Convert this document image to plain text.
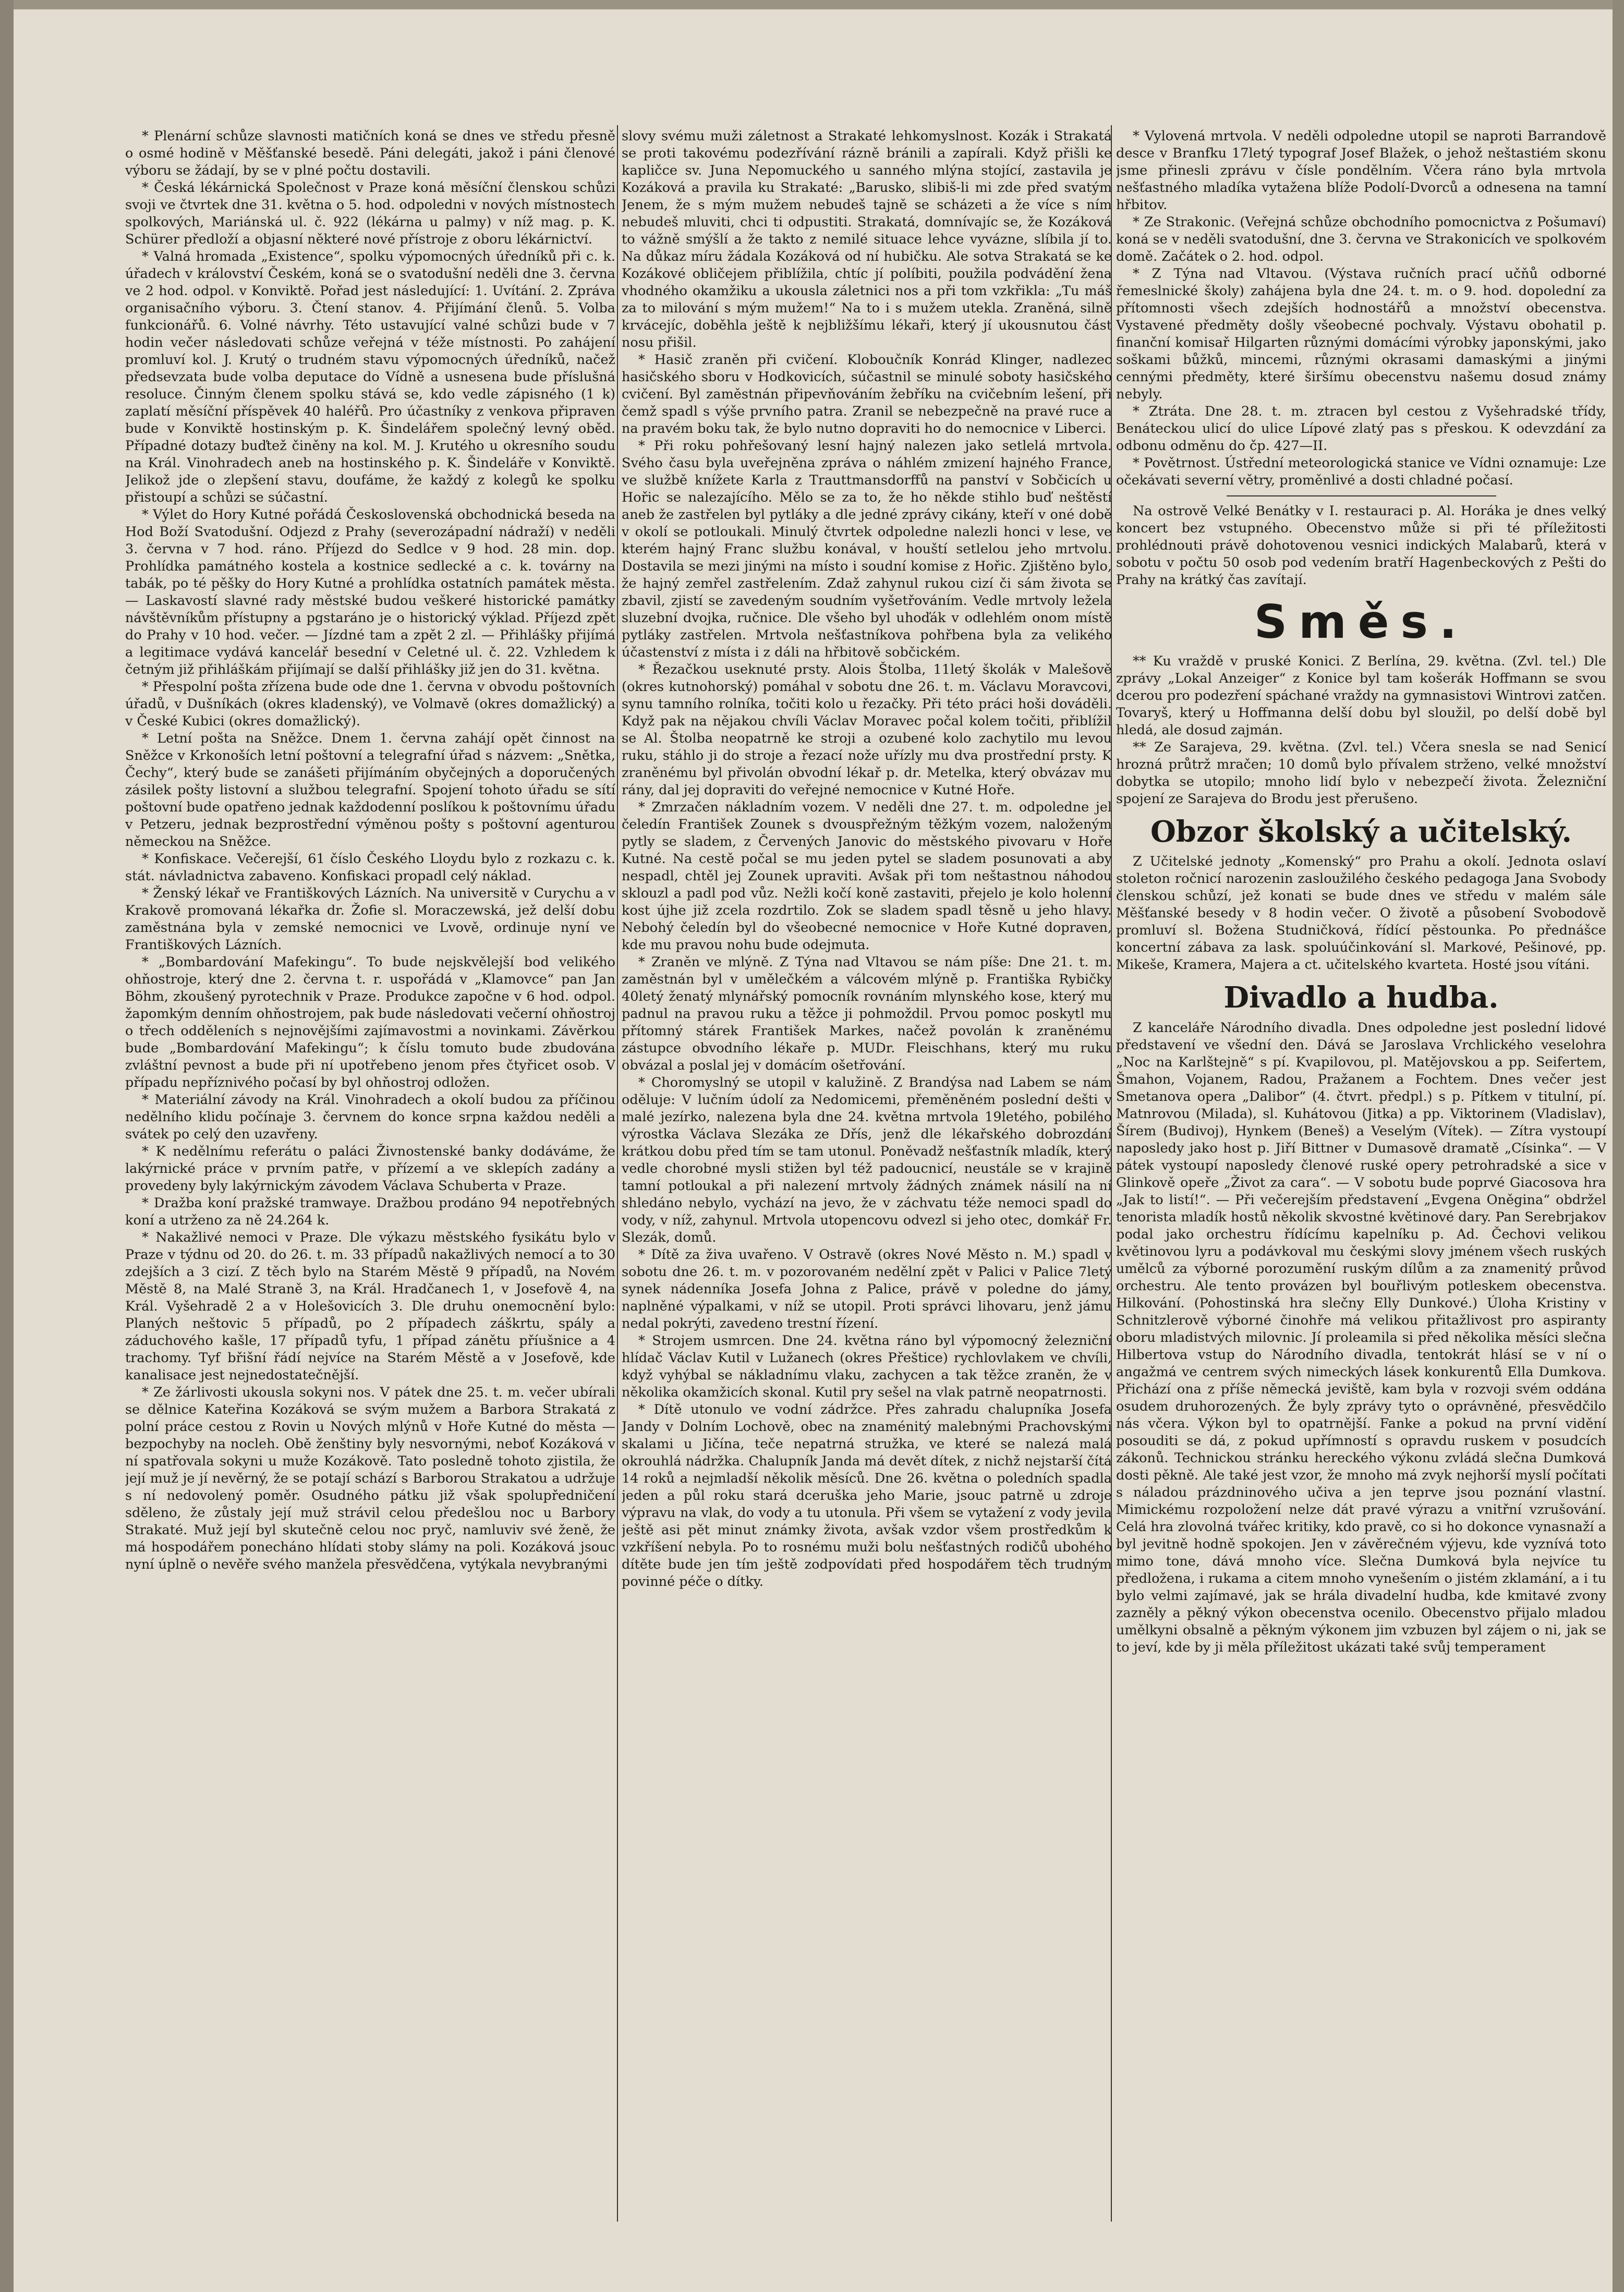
* Plenární schůze slavnosti matičních koná se dnes ve středu přesně o osmé hodině v Měšťanské besedě. Páni delegáti, jakož i páni členové výboru se žádají, by se v plné počtu dostavili.

* Česká lékárnická Společnost v Praze koná měsíční členskou schůzi svoji ve čtvrtek dne 31. května o 5. hod. odpoledni v nových místnostech spolkových, Mariánská ul. č. 922 (lékárna u palmy) v níž mag. p. K. Schürer předloží a objasní některé nové přístroje z oboru lékárnictví.

* Valná hromada „Existence“, spolku výpomocných úředníků při c. k. úřadech v království Českém, koná se o svatodušní neděli dne 3. června ve 2 hod. odpol. v Konviktě. Pořad jest následující: 1. Uvítání. 2. Zpráva organisačního výboru. 3. Čtení stanov. 4. Přijímání členů. 5. Volba funkcionářů. 6. Volné návrhy. Této ustavující valné schůzi bude v 7 hodin večer následovati schůze veřejná v téže místnosti. Po zahájení promluví kol. J. Krutý o trudném stavu výpomocných úředníků, načež předsevzata bude volba deputace do Vídně a usnesena bude příslušná resoluce. Činným členem spolku stává se, kdo vedle zápisného (1 k) zaplatí měsíční příspěvek 40 haléřů. Pro účastníky z venkova připraven bude v Konviktě hostinským p. K. Šindelářem společný levný oběd. Případné dotazy buďtež činěny na kol. M. J. Krutého u okresního soudu na Král. Vinohradech aneb na hostinského p. K. Šindeláře v Konviktě. Jelikož jde o zlepšení stavu, doufáme, že každý z kolegů ke spolku přistoupí a schůzi se súčastní.

* Výlet do Hory Kutné pořádá Československá obchodnická beseda na Hod Boží Svatodušní. Odjezd z Prahy (severozápadní nádraží) v neděli 3. června v 7 hod. ráno. Příjezd do Sedlce v 9 hod. 28 min. dop. Prohlídka památného kostela a kostnice sedlecké a c. k. továrny na tabák, po té pěšky do Hory Kutné a prohlídka ostatních památek města. — Laskavostí slavné rady městské budou veškeré historické památky návštěvníkům přístupny a pgstaráno je o historický výklad. Příjezd zpět do Prahy v 10 hod. večer. — Jízdné tam a zpět 2 zl. — Přihlášky přijímá a legitimace vydává kancelář besední v Celetné ul. č. 22. Vzhledem k četným již přihláškám přijímají se další přihlášky již jen do 31. května.

* Přespolní pošta zřízena bude ode dne 1. června v obvodu poštovních úřadů, v Dušníkách (okres kladenský), ve Volmavě (okres domažlický) a v České Kubici (okres domažlický).

* Letní pošta na Sněžce. Dnem 1. června zahájí opět činnost na Sněžce v Krkonoších letní poštovní a telegrafní úřad s názvem: „Snětka, Čechy“, který bude se zanášeti přijímáním obyčejných a doporučených zásilek pošty listovní a službou telegrafní. Spojení tohoto úřadu se sítí poštovní bude opatřeno jednak každodenní poslíkou k poštovnímu úřadu v Petzeru, jednak bezprostřední výměnou pošty s poštovní agenturou německou na Sněžce.

* Konfiskace. Večerejší, 61 číslo Českého Lloydu bylo z rozkazu c. k. stát. návladnictva zabaveno. Konfiskaci propadl celý náklad.

* Ženský lékař ve Františkových Lázních. Na universitě v Curychu a v Krakově promovaná lékařka dr. Žofie sl. Moraczewská, jež delší dobu zaměstnána byla v zemské nemocnici ve Lvově, ordinuje nyní ve Františkových Lázních.

* „Bombardování Mafekingu“. To bude nejskvělejší bod velikého ohňostroje, který dne 2. června t. r. uspořádá v „Klamovce“ pan Jan Böhm, zkoušený pyrotechnik v Praze. Produkce započne v 6 hod. odpol. žapomkým denním ohňostrojem, pak bude následovati večerní ohňostroj o třech odděleních s nejnovějšími zajímavostmi a novinkami. Závěrkou bude „Bombardování Mafekingu“; k číslu tomuto bude zbudována zvláštní pevnost a bude při ní upotřebeno jenom přes čtyřicet osob. V případu nepříznivého počasí by byl ohňostroj odložen.

* Materiální závody na Král. Vinohradech a okolí budou za příčinou nedělního klidu počínaje 3. červnem do konce srpna každou neděli a svátek po celý den uzavřeny.

* K nedělnímu referátu o paláci Živnostenské banky dodáváme, že lakýrnické práce v prvním patře, v přízemí a ve sklepích zadány a provedeny byly lakýrnickým závodem Václava Schuberta v Praze.

* Dražba koní pražské tramwaye. Dražbou prodáno 94 nepotřebných koní a utrženo za ně 24.264 k.

* Nakažlivé nemoci v Praze. Dle výkazu městského fysikátu bylo v Praze v týdnu od 20. do 26. t. m. 33 případů nakažlivých nemocí a to 30 zdejších a 3 cizí. Z těch bylo na Starém Městě 9 případů, na Novém Městě 8, na Malé Straně 3, na Král. Hradčanech 1, v Josefově 4, na Král. Vyšehradě 2 a v Holešovicích 3. Dle druhu onemocnění bylo: Planých neštovic 5 případů, po 2 případech záškrtu, spály a záduchového kašle, 17 případů tyfu, 1 případ zánětu příušnice a 4 trachomy. Tyf břišní řádí nejvíce na Starém Městě a v Josefově, kde kanalisace jest nejnedostatečnější.

* Ze žárlivosti ukousla sokyni nos. V pátek dne 25. t. m. večer ubírali se dělnice Kateřina Kozáková se svým mužem a Barbora Strakatá z polní práce cestou z Rovin u Nových mlýnů v Hoře Kutné do města — bezpochyby na nocleh. Obě ženštiny byly nesvornými, neboť Kozáková v ní spatřovala sokyni u muže Kozákově. Tato posledně tohoto zjistila, že její muž je jí nevěrný, že se potají schází s Barborou Strakatou a udržuje s ní nedovolený poměr. Osudného pátku již však spolupředničení sděleno, že zůstaly její muž strávil celou předešlou noc u Barbory Strakaté. Muž její byl skutečně celou noc pryč, namluviv své ženě, že má hospodářem ponecháno hlídati stoby slámy na poli. Kozáková jsouc nyní úplně o nevěře svého manžela přesvědčena, vytýkala nevybranými

slovy svému muži záletnost a Strakaté lehkomyslnost. Kozák i Strakatá se proti takovému podezřívání rázně bránili a zapírali. Když přišli ke kapličce sv. Juna Nepomuckého u sanného mlýna stojící, zastavila je Kozáková a pravila ku Strakaté: „Barusko, slibiš-li mi zde před svatým Jenem, že s mým mužem nebudeš tajně se scházeti a že více s ním nebudeš mluviti, chci ti odpustiti. Strakatá, domnívajíc se, že Kozáková to vážně smýšlí a že takto z nemilé situace lehce vyvázne, slíbila jí to. Na důkaz míru žádala Kozáková od ní hubičku. Ale sotva Strakatá se ke Kozákové obličejem přiblížila, chtíc jí políbiti, použila podvádění žena vhodného okamžiku a ukousla záletnici nos a při tom vzkřikla: „Tu máš za to milování s mým mužem!“ Na to i s mužem utekla. Zraněná, silně krvácejíc, doběhla ještě k nejbližšímu lékaři, který jí ukousnutou část nosu přišil.

* Hasič zraněn při cvičení. Kloboučník Konrád Klinger, nadlezec hasičského sboru v Hodkovicích, súčastnil se minulé soboty hasičského cvičení. Byl zaměstnán připevňováním žebříku na cvičebním lešení, při čemž spadl s výše prvního patra. Zranil se nebezpečně na pravé ruce a na pravém boku tak, že bylo nutno dopraviti ho do nemocnice v Liberci.

* Při roku pohřešovaný lesní hajný nalezen jako setlelá mrtvola. Svého času byla uveřejněna zpráva o náhlém zmizení hajného France, ve službě knížete Karla z Trauttmansdorffů na panství v Sobčicích u Hořic se nalezajícího. Mělo se za to, že ho někde stihlo buď neštěstí aneb že zastřelen byl pytláky a dle jedné zprávy cikány, kteří v oné době v okolí se potloukali. Minulý čtvrtek odpoledne nalezli honci v lese, ve kterém hajný Franc službu konával, v houští setlelou jeho mrtvolu. Dostavila se mezi jinými na místo i soudní komise z Hořic. Zjištěno bylo, že hajný zemřel zastřelením. Zdaž zahynul rukou cizí či sám života se zbavil, zjistí se zavedeným soudním vyšetřováním. Vedle mrtvoly ležela sluzební dvojka, ručnice. Dle všeho byl uhoďák v odlehlém onom místě pytláky zastřelen. Mrtvola nešťastníkova pohřbena byla za velikého účastenství z místa i z dáli na hřbitově sobčickém.

* Řezačkou useknuté prsty. Alois Štolba, 11letý školák v Malešově (okres kutnohorský) pomáhal v sobotu dne 26. t. m. Václavu Moravcovi, synu tamního rolníka, točiti kolo u řezačky. Při této práci hoši dováděli. Když pak na nějakou chvíli Václav Moravec počal kolem točiti, přiblížil se Al. Štolba neopatrně ke stroji a ozubené kolo zachytilo mu levou ruku, stáhlo ji do stroje a řezací nože uřízly mu dva prostřední prsty. K zraněnému byl přivolán obvodní lékař p. dr. Metelka, který obvázav mu rány, dal jej dopraviti do veřejné nemocnice v Kutné Hoře.

* Zmrzačen nákladním vozem. V neděli dne 27. t. m. odpoledne jel čeledín František Zounek s dvouspřežným těžkým vozem, naloženým pytly se sladem, z Červených Janovic do městského pivovaru v Hoře Kutné. Na cestě počal se mu jeden pytel se sladem posunovati a aby nespadl, chtěl jej Zounek upraviti. Avšak při tom neštastnou náhodou sklouzl a padl pod vůz. Nežli kočí koně zastaviti, přejelo je kolo holenní kost újhe již zcela rozdrtilo. Zok se sladem spadl těsně u jeho hlavy. Nebohý čeledín byl do všeobecné nemocnice v Hoře Kutné dopraven, kde mu pravou nohu bude odejmuta.

* Zraněn ve mlýně. Z Týna nad Vltavou se nám píše: Dne 21. t. m. zaměstnán byl v umělečkém a válcovém mlýně p. Františka Rybičky 40letý ženatý mlynářský pomocník rovnáním mlynského kose, který mu padnul na pravou ruku a těžce ji pohmoždil. Prvou pomoc poskytl mu přítomný stárek František Markes, načež povolán k zraněnému zástupce obvodního lékaře p. MUDr. Fleischhans, který mu ruku obvázal a poslal jej v domácím ošetřování.

* Choromyslný se utopil v kalužině. Z Brandýsa nad Labem se nám oděluje: V lučním údolí za Nedomicemi, přeměněném poslední dešti v malé jezírko, nalezena byla dne 24. května mrtvola 19letého, pobilého výrostka Václava Slezáka ze Dřís, jenž dle lékařského dobrozdání krátkou dobu před tím se tam utonul. Poněvadž nešťastník mladík, který vedle chorobné mysli stižen byl též padoucnicí, neustále se v krajině tamní potloukal a při nalezení mrtvoly žádných známek násilí na ní shledáno nebylo, vychází na jevo, že v záchvatu téže nemoci spadl do vody, v níž, zahynul. Mrtvola utopencovu odvezl si jeho otec, domkář Fr. Slezák, domů.

* Dítě za živa uvařeno. V Ostravě (okres Nové Město n. M.) spadl v sobotu dne 26. t. m. v pozorovaném nedělní zpět v Palici v Palice 7letý synek nádenníka Josefa Johna z Palice, právě v poledne do jámy, naplněné výpalkami, v níž se utopil. Proti správci lihovaru, jenž jámu nedal pokrýti, zavedeno trestní řízení.

* Strojem usmrcen. Dne 24. května ráno byl výpomocný železniční hlídač Václav Kutil v Lužanech (okres Přeštice) rychlovlakem ve chvíli, když vyhýbal se nákladnímu vlaku, zachycen a tak těžce zraněn, že v několika okamžicích skonal. Kutil pry sešel na vlak patrně neopatrnosti.

* Dítě utonulo ve vodní zádržce. Přes zahradu chalupníka Josefa Jandy v Dolním Lochově, obec na znaménitý malebnými Prachovskými skalami u Jičína, teče nepatrná stružka, ve které se nalezá malá okrouhlá nádržka. Chalupník Janda má devět dítek, z nichž nejstarší čítá 14 roků a nejmladší několik měsíců. Dne 26. května o poledních spadla jeden a půl roku stará dceruška jeho Marie, jsouc patrně u zdroje výpravu na vlak, do vody a tu utonula. Při všem se vytažení z vody jevila ještě asi pět minut známky života, avšak vzdor všem prostředkům k vzkříšení nebyla. Po to rosnému muži bolu nešťastných rodičů ubohého dítěte bude jen tím ještě zodpovídati před hospodářem těch trudným povinné péče o dítky.

* Vylovená mrtvola. V neděli odpoledne utopil se naproti Barrandově desce v Branfku 17letý typograf Josef Blažek, o jehož neštastiém skonu jsme přinesli zprávu v čísle pondělním. Včera ráno byla mrtvola nešťastného mladíka vytažena blíže Podolí-Dvorců a odnesena na tamní hřbitov.

* Ze Strakonic. (Veřejná schůze obchodního pomocnictva z Pošumaví) koná se v neděli svatodušní, dne 3. června ve Strakonicích ve spolkovém domě. Začátek o 2. hod. odpol.

* Z Týna nad Vltavou. (Výstava ručních prací učňů odborné řemeslnické školy) zahájena byla dne 24. t. m. o 9. hod. dopolední za přítomnosti všech zdejších hodnostářů a množství obecenstva. Vystavené předměty došly všeobecné pochvaly. Výstavu obohatil p. finanční komisař Hilgarten různými domácími výrobky japonskými, jako soškami bůžků, mincemi, různými okrasami damaskými a jinými cennými předměty, které širšímu obecenstvu našemu dosud známy nebyly.

* Ztráta. Dne 28. t. m. ztracen byl cestou z Vyšehradské třídy, Benáteckou ulicí do ulice Lípové zlatý pas s přeskou. K odevzdání za odbonu odměnu do čp. 427—II.

* Povětrnost. Ústřední meteorologická stanice ve Vídni oznamuje: Lze očekávati severní větry, proměnlivé a dosti chladné počasí.

Na ostrově Velké Benátky v I. restauraci p. Al. Horáka je dnes velký koncert bez vstupného. Obecenstvo může si při té příležitosti prohlédnouti právě dohotovenou vesnici indických Malabarů, která v sobotu v počtu 50 osob pod vedením bratří Hagenbeckových z Pešti do Prahy na krátký čas zavítají.

Směs.

** Ku vraždě v pruské Konici. Z Berlína, 29. května. (Zvl. tel.) Dle zprávy „Lokal Anzeiger“ z Konice byl tam košerák Hoffmann se svou dcerou pro podezření spáchané vraždy na gymnasistovi Wintrovi zatčen. Tovaryš, který u Hoffmanna delší dobu byl sloužil, po delší době byl hledá, ale dosud zajmán.

** Ze Sarajeva, 29. května. (Zvl. tel.) Včera snesla se nad Senicí hrozná průtrž mračen; 10 domů bylo přívalem strženo, velké množství dobytka se utopilo; mnoho lidí bylo v nebezpečí života. Železniční spojení ze Sarajeva do Brodu jest přerušeno.

Obzor školský a učitelský.

Z Učitelské jednoty „Komenský“ pro Prahu a okolí. Jednota oslaví stoleton ročnicí narozenin zasloužilého českého pedagoga Jana Svobody členskou schůzí, jež konati se bude dnes ve středu v malém sále Měšťanské besedy v 8 hodin večer. O životě a působení Svobodově promluví sl. Božena Studničková, řídící pěstounka. Po přednášce koncertní zábava za lask. spoluúčinkování sl. Markové, Pešinové, pp. Mikeše, Kramera, Majera a ct. učitelského kvarteta. Hosté jsou vítáni.

Divadlo a hudba.

Z kanceláře Národního divadla. Dnes odpoledne jest poslední lidové představení ve všední den. Dává se Jaroslava Vrchlického veselohra „Noc na Karlštejně“ s pí. Kvapilovou, pl. Matějovskou a pp. Seifertem, Šmahon, Vojanem, Radou, Pražanem a Fochtem. Dnes večer jest Smetanova opera „Dalibor“ (4. čtvrt. předpl.) s p. Pítkem v titulní, pí. Matnrovou (Milada), sl. Kuhátovou (Jitka) a pp. Viktorinem (Vladislav), Šírem (Budivoj), Hynkem (Beneš) a Veselým (Vítek). — Zítra vystoupí naposledy jako host p. Jiří Bittner v Dumasově dramatě „Císinka“. — V pátek vystoupí naposledy členové ruské opery petrohradské a sice v Glinkově opeře „Život za cara“. — V sobotu bude poprvé Giacosova hra „Jak to listí!“. — Při večerejším představení „Evgena Oněgina“ obdržel tenorista mladík hostů několik skvostné květinové dary. Pan Serebrjakov podal jako orchestru řídícímu kapelníku p. Ad. Čechovi velikou květinovou lyru a podávkoval mu českými slovy jménem všech ruských umělců za výborné porozumění ruským dílům a za znamenitý průvod orchestru. Ale tento provázen byl bouřlivým potleskem obecenstva. Hilkování. (Pohostinská hra slečny Elly Dunkové.) Úloha Kristiny v Schnitzlerově výborné činohře má velikou přitažlivost pro aspiranty oboru mladistvých milovnic. Jí proleamila si před několika měsíci slečna Hilbertova vstup do Národního divadla, tentokrát hlásí se v ní o angažmá ve centrem svých nimeckých lásek konkurentů Ella Dumkova. Přichází ona z příše německá jeviště, kam byla v rozvoji svém oddána osudem druhorozených. Že byly zprávy tyto o oprávněné, přesvědčilo nás včera. Výkon byl to opatrnější. Fanke a pokud na první vidění posouditi se dá, z pokud upřímností s opravdu ruskem v posudcích zákonů. Technickou stránku hereckého výkonu zvládá slečna Dumková dosti pěkně. Ale také jest vzor, že mnoho má zvyk nejhorší myslí počítati s náladou prázdninového učiva a jen teprve jsou poznání vlastní. Mimickému rozpoložení nelze dát pravé výrazu a vnitřní vzrušování. Celá hra zlovolná tvářec kritiky, kdo pravě, co si ho dokonce vynasnaží a byl jevitně hodně spokojen. Jen v závěrečném výjevu, kde vyznívá toto mimo tone, dává mnoho více. Slečna Dumková byla nejvíce tu předložena, i rukama a citem mnoho vynešením o jistém zklamání, a i tu bylo velmi zajímavé, jak se hrála divadelní hudba, kde kmitavé zvony zazněly a pěkný výkon obecenstva ocenilo. Obecenstvo přijalo mladou umělkyni obsalně a pěkným výkonem jim vzbuzen byl zájem o ni, jak se to jeví, kde by ji měla příležitost ukázati také svůj temperament
